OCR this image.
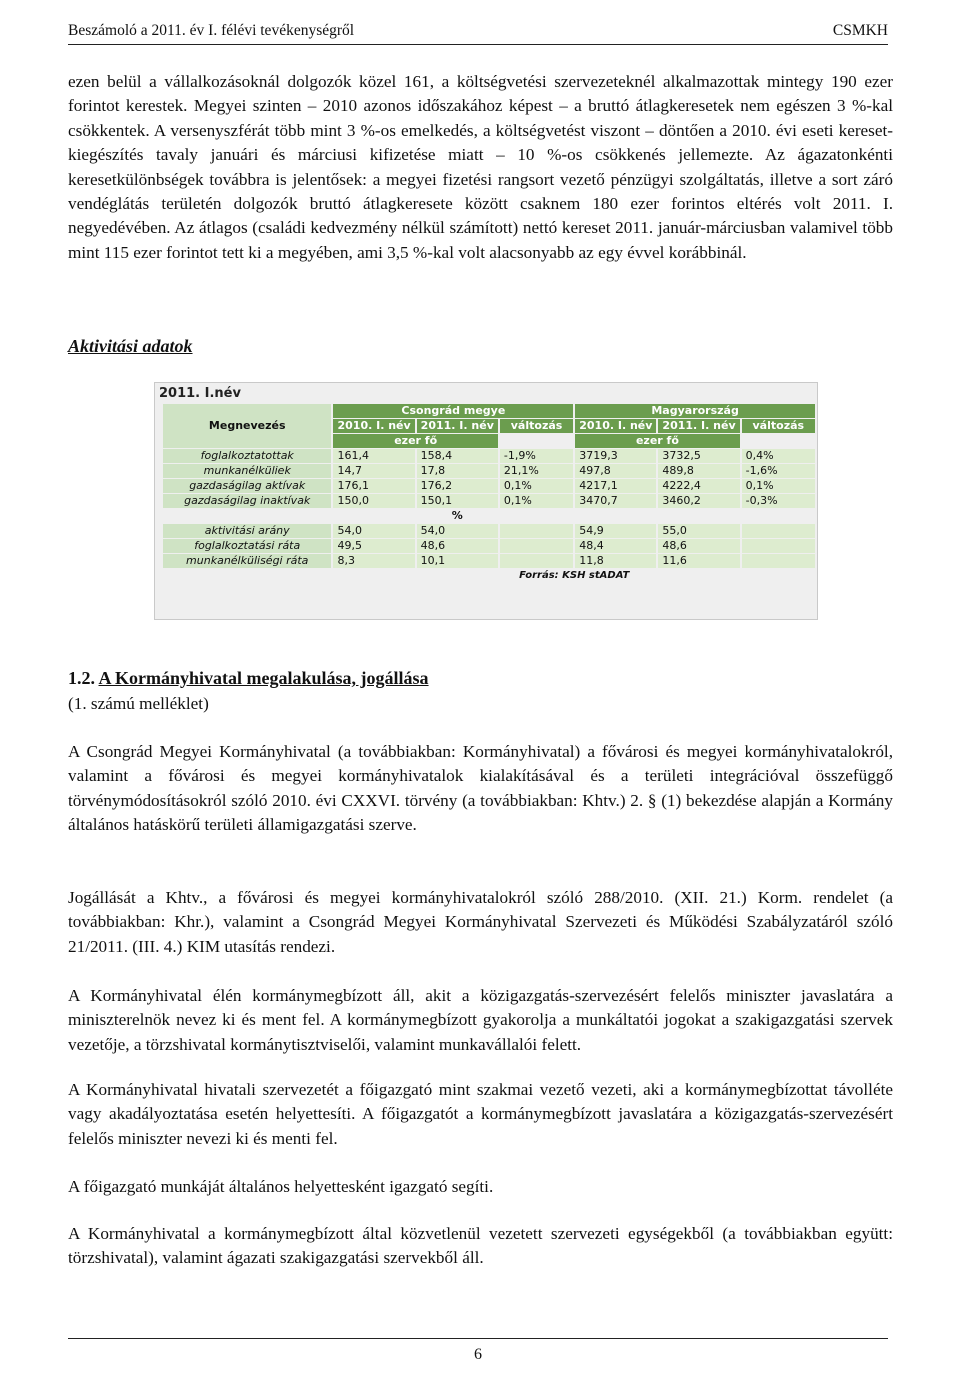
Beszámoló a 2011. év I. félévi tevékenységről	CSMKH

ezen belül a vállalkozásoknál dolgozók közel 161, a költségvetési szervezeteknél alkalmazottak mintegy 190 ezer forintot kerestek. Megyei szinten – 2010 azonos időszakához képest – a bruttó átlagkeresetek nem egészen 3 %-kal csökkentek. A versenyszférát több mint 3 %-os emelkedés, a költségvetést viszont – döntően a 2010. évi eseti kereset-kiegészítés tavaly januári és márciusi kifizetése miatt – 10 %-os csökkenés jellemezte. Az ágazatonkénti keresetkülönbségek továbbra is jelentősek: a megyei fizetési rangsort vezető pénzügyi szolgáltatás, illetve a sort záró vendéglátás területén dolgozók bruttó átlagkeresete között csaknem 180 ezer forintos eltérés volt 2011. I. negyedévében. Az átlagos (családi kedvezmény nélkül számított) nettó kereset 2011. január-márciusban valamivel több mint 115 ezer forintot tett ki a megyében, ami 3,5 %-kal volt alacsonyabb az egy évvel korábbinál.

Aktivitási adatok
2011. I.név
Megnevezés	Csongrád megye			Magyarország		
	2010. I. név	2011. I. név	változás	2010. I. név	2011. I. név	változás
	ezer fő			ezer fő		
foglalkoztatottak	161,4	158,4	-1,9%	3719,3	3732,5	0,4%
munkanélküliek	14,7	17,8	21,1%	497,8	489,8	-1,6%
gazdaságilag aktívak	176,1	176,2	0,1%	4217,1	4222,4	0,1%
gazdaságilag inaktívak	150,0	150,1	0,1%	3470,7	3460,2	-0,3%
		%				
aktivitási arány	54,0	54,0		54,9	55,0	
foglalkoztatási ráta	49,5	48,6		48,4	48,6	
munkanélküliségi ráta	8,3	10,1		11,8	11,6	
	Forrás: KSH stADAT					
1.2. A Kormányhivatal megalakulása, jogállása

(1. számú melléklet)

A Csongrád Megyei Kormányhivatal (a továbbiakban: Kormányhivatal) a fővárosi és megyei kormányhivatalokról, valamint a fővárosi és megyei kormányhivatalok kialakításával és a területi integrációval összefüggő törvénymódosításokról szóló 2010. évi CXXVI. törvény (a továbbiakban: Khtv.) 2. § (1) bekezdése alapján a Kormány általános hatáskörű területi államigazgatási szerve.

Jogállását a Khtv., a fővárosi és megyei kormányhivatalokról szóló 288/2010. (XII. 21.) Korm. rendelet (a továbbiakban: Khr.), valamint a Csongrád Megyei Kormányhivatal Szervezeti és Működési Szabályzatáról szóló 21/2011. (III. 4.) KIM utasítás rendezi.

A Kormányhivatal élén kormánymegbízott áll, akit a közigazgatás-szervezésért felelős miniszter javaslatára a miniszterelnök nevez ki és ment fel. A kormánymegbízott gyakorolja a munkáltatói jogokat a szakigazgatási szervek vezetője, a törzshivatal kormánytisztviselői, valamint munkavállalói felett.

A Kormányhivatal hivatali szervezetét a főigazgató mint szakmai vezető vezeti, aki a kormánymegbízottat távolléte vagy akadályoztatása esetén helyettesíti. A főigazgatót a kormánymegbízott javaslatára a közigazgatás-szervezésért felelős miniszter nevezi ki és menti fel.

A főigazgató munkáját általános helyettesként igazgató segíti.

A Kormányhivatal a kormánymegbízott által közvetlenül vezetett szervezeti egységekből (a továbbiakban együtt: törzshivatal), valamint ágazati szakigazgatási szervekből áll.

6
